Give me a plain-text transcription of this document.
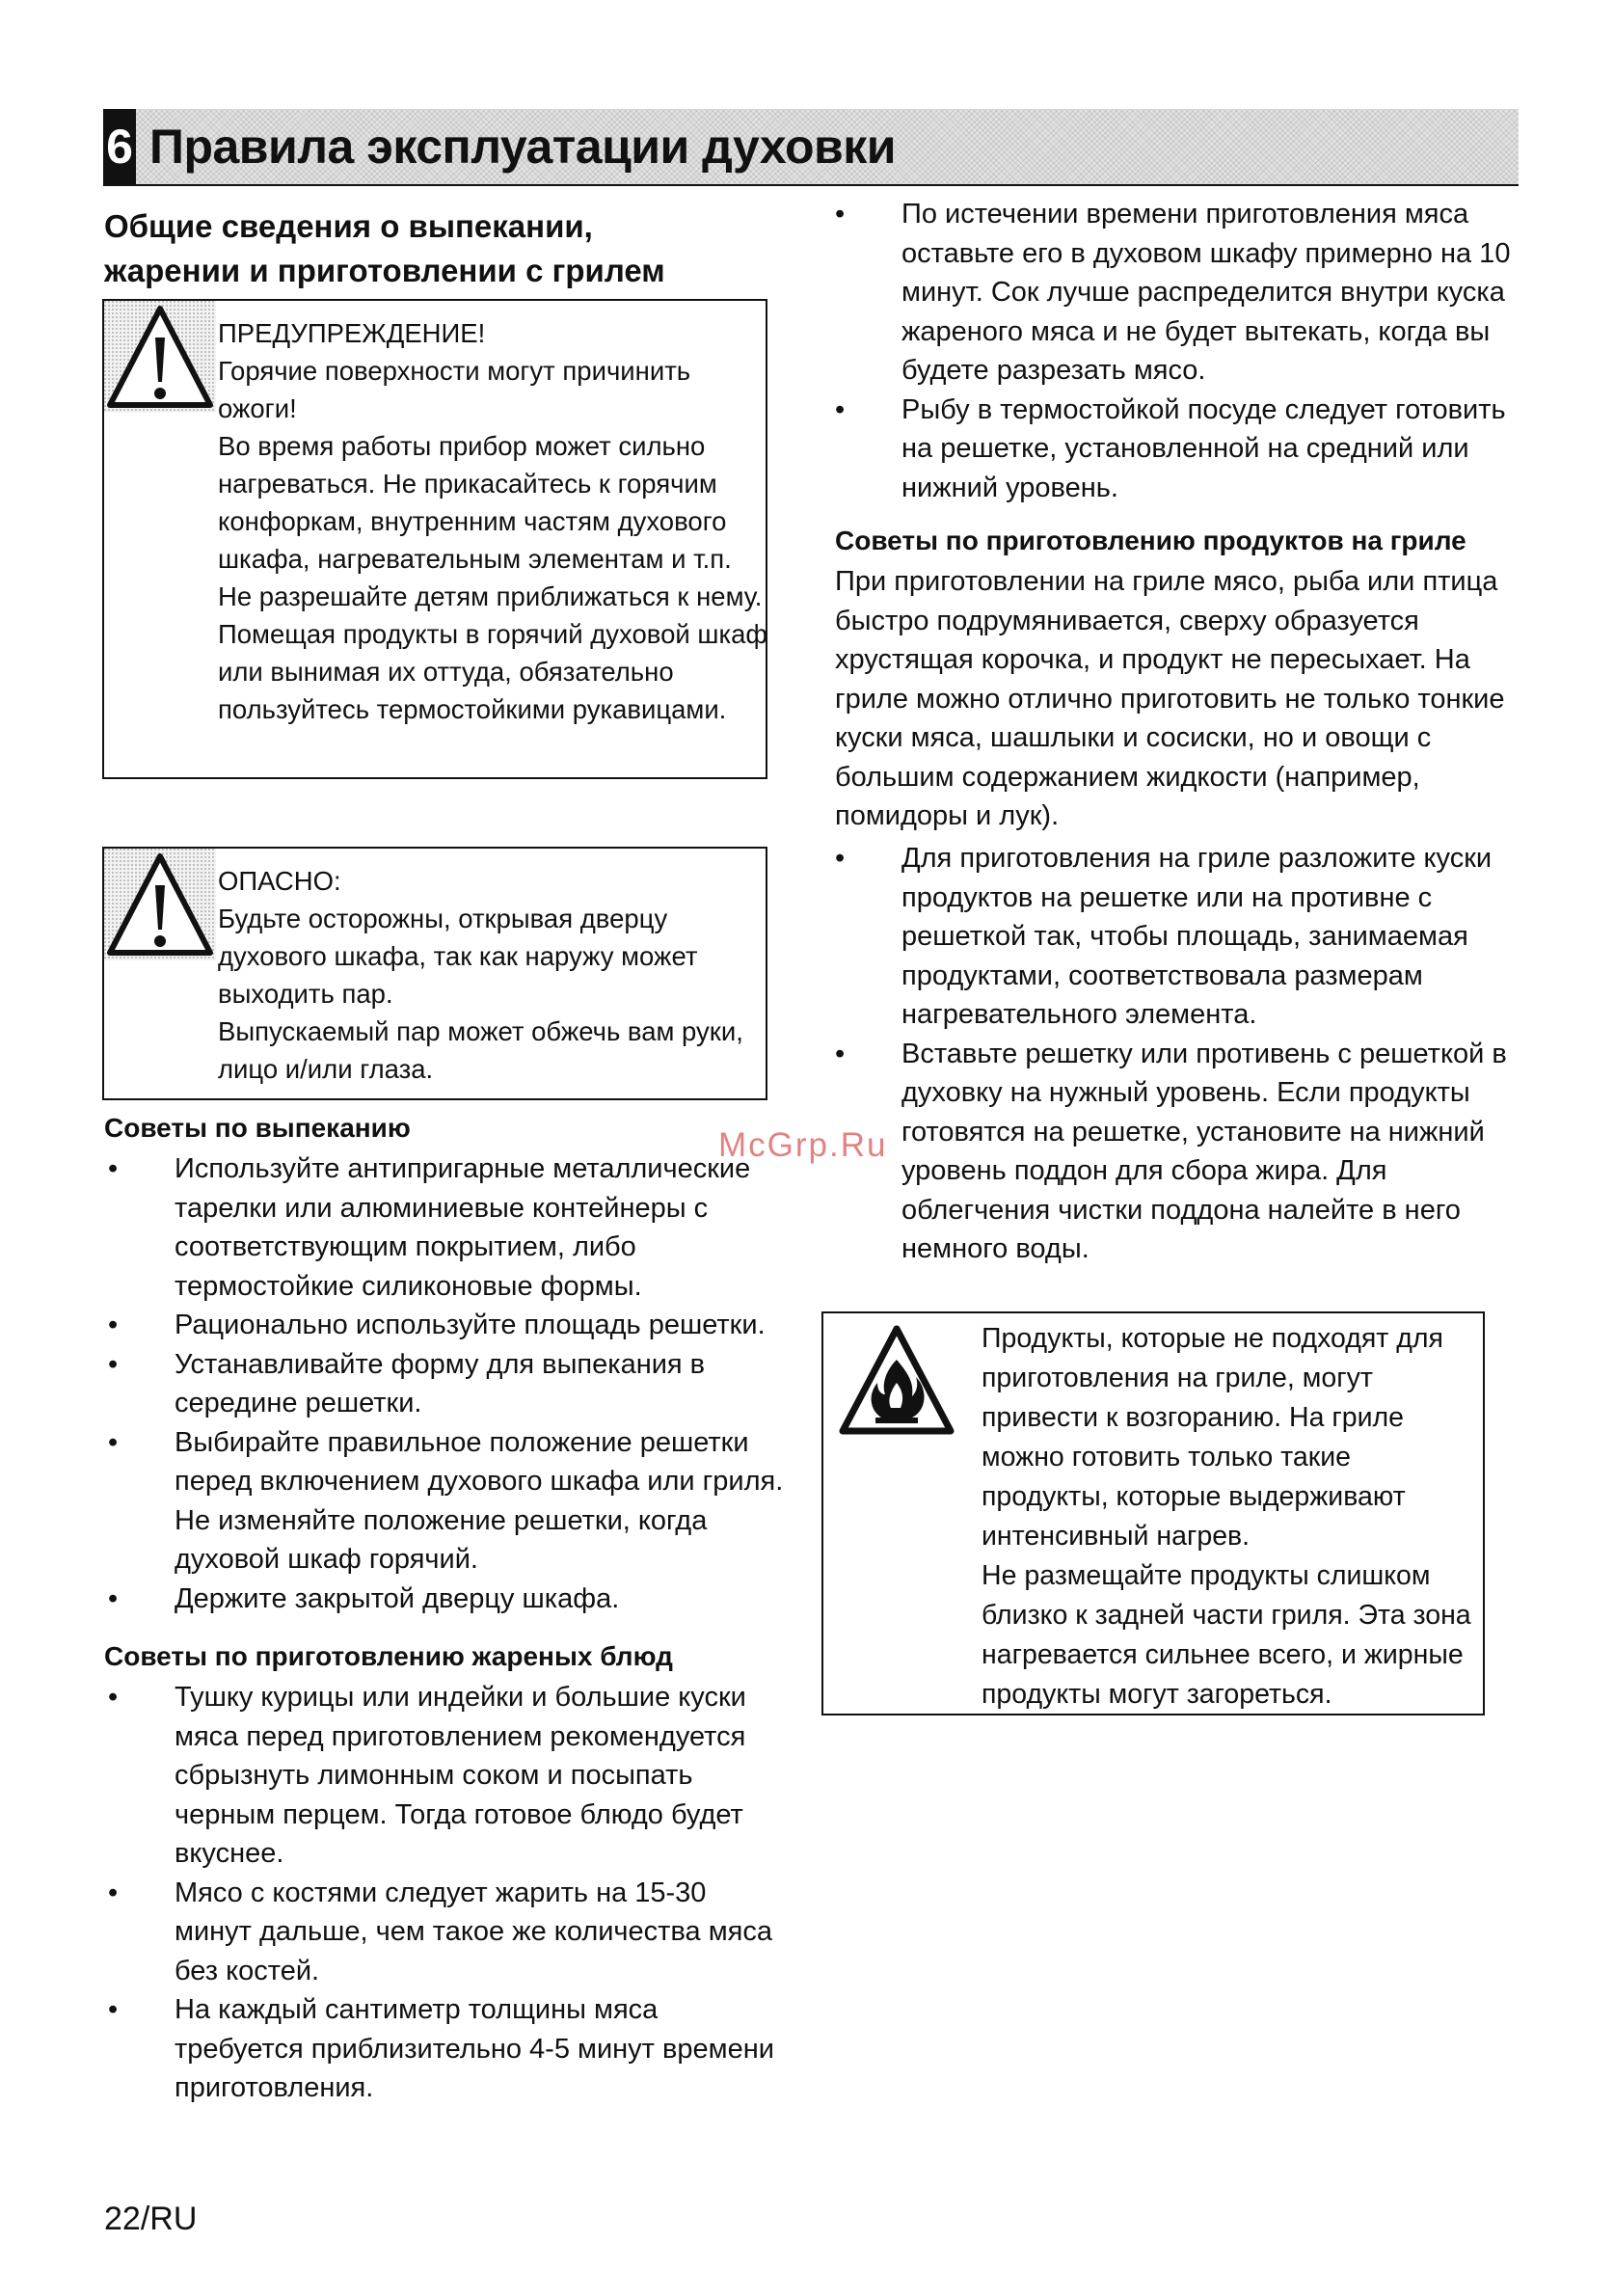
6 Правила эксплуатации духовки
Общие сведения о выпекании,
жарении и приготовлении с грилем
ПРЕДУПРЕЖДЕНИЕ!
Горячие поверхности могут причинить ожоги!
Во время работы прибор может сильно нагреваться. Не прикасайтесь к горячим конфоркам, внутренним частям духового шкафа, нагревательным элементам и т.п. Не разрешайте детям приближаться к нему.
Помещая продукты в горячий духовой шкаф или вынимая их оттуда, обязательно пользуйтесь термостойкими рукавицами.
ОПАСНО:
Будьте осторожны, открывая дверцу духового шкафа, так как наружу может выходить пар.
Выпускаемый пар может обжечь вам руки, лицо и/или глаза.
Советы по выпеканию
• Используйте антипригарные металлические тарелки или алюминиевые контейнеры с соответствующим покрытием, либо термостойкие силиконовые формы.
• Рационально используйте площадь решетки.
• Устанавливайте форму для выпекания в середине решетки.
• Выбирайте правильное положение решетки перед включением духового шкафа или гриля. Не изменяйте положение решетки, когда духовой шкаф горячий.
• Держите закрытой дверцу шкафа.
Советы по приготовлению жареных блюд
• Тушку курицы или индейки и большие куски мяса перед приготовлением рекомендуется сбрызнуть лимонным соком и посыпать черным перцем. Тогда готовое блюдо будет вкуснее.
• Мясо с костями следует жарить на 15-30 минут дальше, чем такое же количества мяса без костей.
• На каждый сантиметр толщины мяса требуется приблизительно 4-5 минут времени приготовления.
• По истечении времени приготовления мяса оставьте его в духовом шкафу примерно на 10 минут. Сок лучше распределится внутри куска жареного мяса и не будет вытекать, когда вы будете разрезать мясо.
• Рыбу в термостойкой посуде следует готовить на решетке, установленной на средний или нижний уровень.
Советы по приготовлению продуктов на гриле
При приготовлении на гриле мясо, рыба или птица быстро подрумянивается, сверху образуется хрустящая корочка, и продукт не пересыхает. На гриле можно отлично приготовить не только тонкие куски мяса, шашлыки и сосиски, но и овощи с большим содержанием жидкости (например, помидоры и лук).
• Для приготовления на гриле разложите куски продуктов на решетке или на противне с решеткой так, чтобы площадь, занимаемая продуктами, соответствовала размерам нагревательного элемента.
• Вставьте решетку или противень с решеткой в духовку на нужный уровень. Если продукты готовятся на решетке, установите на нижний уровень поддон для сбора жира. Для облегчения чистки поддона налейте в него немного воды.
Продукты, которые не подходят для приготовления на гриле, могут привести к возгоранию. На гриле можно готовить только такие продукты, которые выдерживают интенсивный нагрев.
Не размещайте продукты слишком близко к задней части гриля. Эта зона нагревается сильнее всего, и жирные продукты могут загореться.
McGrp.Ru
22/RU
